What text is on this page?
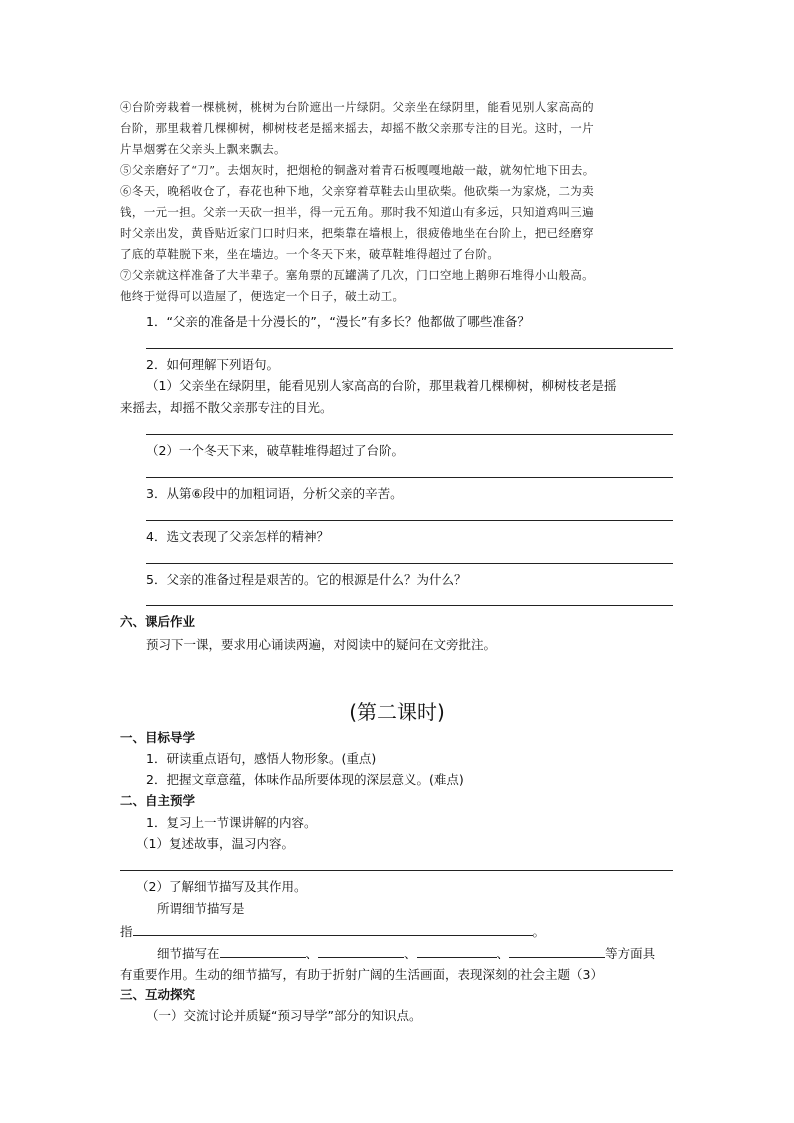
④台阶旁栽着一棵桃树，桃树为台阶遮出一片绿阴。父亲坐在绿阴里，能看见别人家高高的
台阶，那里栽着几棵柳树，柳树枝老是摇来摇去，却摇不散父亲那专注的目光。这时，一片
片旱烟雾在父亲头上飘来飘去。
⑤父亲磨好了“刀”。去烟灰时，把烟枪的铜盏对着青石板嘎嘎地敲一敲，就匆忙地下田去。
⑥冬天，晚稻收仓了，春花也种下地，父亲穿着草鞋去山里砍柴。他砍柴一为家烧，二为卖
钱，一元一担。父亲一天砍一担半，得一元五角。那时我不知道山有多远，只知道鸡叫三遍
时父亲出发，黄昏贴近家门口时归来，把柴靠在墙根上，很疲倦地坐在台阶上，把已经磨穿
了底的草鞋脱下来，坐在墙边。一个冬天下来，破草鞋堆得超过了台阶。
⑦父亲就这样准备了大半辈子。塞角票的瓦罐满了几次，门口空地上鹅卵石堆得小山般高。
他终于觉得可以造屋了，便选定一个日子，破土动工。
1．“父亲的准备是十分漫长的”，“漫长”有多长？他都做了哪些准备？
2．如何理解下列语句。
（1）父亲坐在绿阴里，能看见别人家高高的台阶，那里栽着几棵柳树，柳树枝老是摇
来摇去，却摇不散父亲那专注的目光。
（2）一个冬天下来，破草鞋堆得超过了台阶。
3．从第⑥段中的加粗词语，分析父亲的辛苦。
4．选文表现了父亲怎样的精神？
5．父亲的准备过程是艰苦的。它的根源是什么？为什么？
六、课后作业
预习下一课，要求用心诵读两遍，对阅读中的疑问在文旁批注。
(第二课时)
一、目标导学
1．研读重点语句，感悟人物形象。(重点)
2．把握文章意蕴，体味作品所要体现的深层意义。(难点)
二、自主预学
1．复习上一节课讲解的内容。
（1）复述故事，温习内容。
（2）了解细节描写及其作用。
所谓细节描写是
指	。
细节描写在	、	、	、	等方面具
有重要作用。生动的细节描写，有助于折射广阔的生活画面，表现深刻的社会主题（3）
三、互动探究
（一）交流讨论并质疑“预习导学”部分的知识点。
